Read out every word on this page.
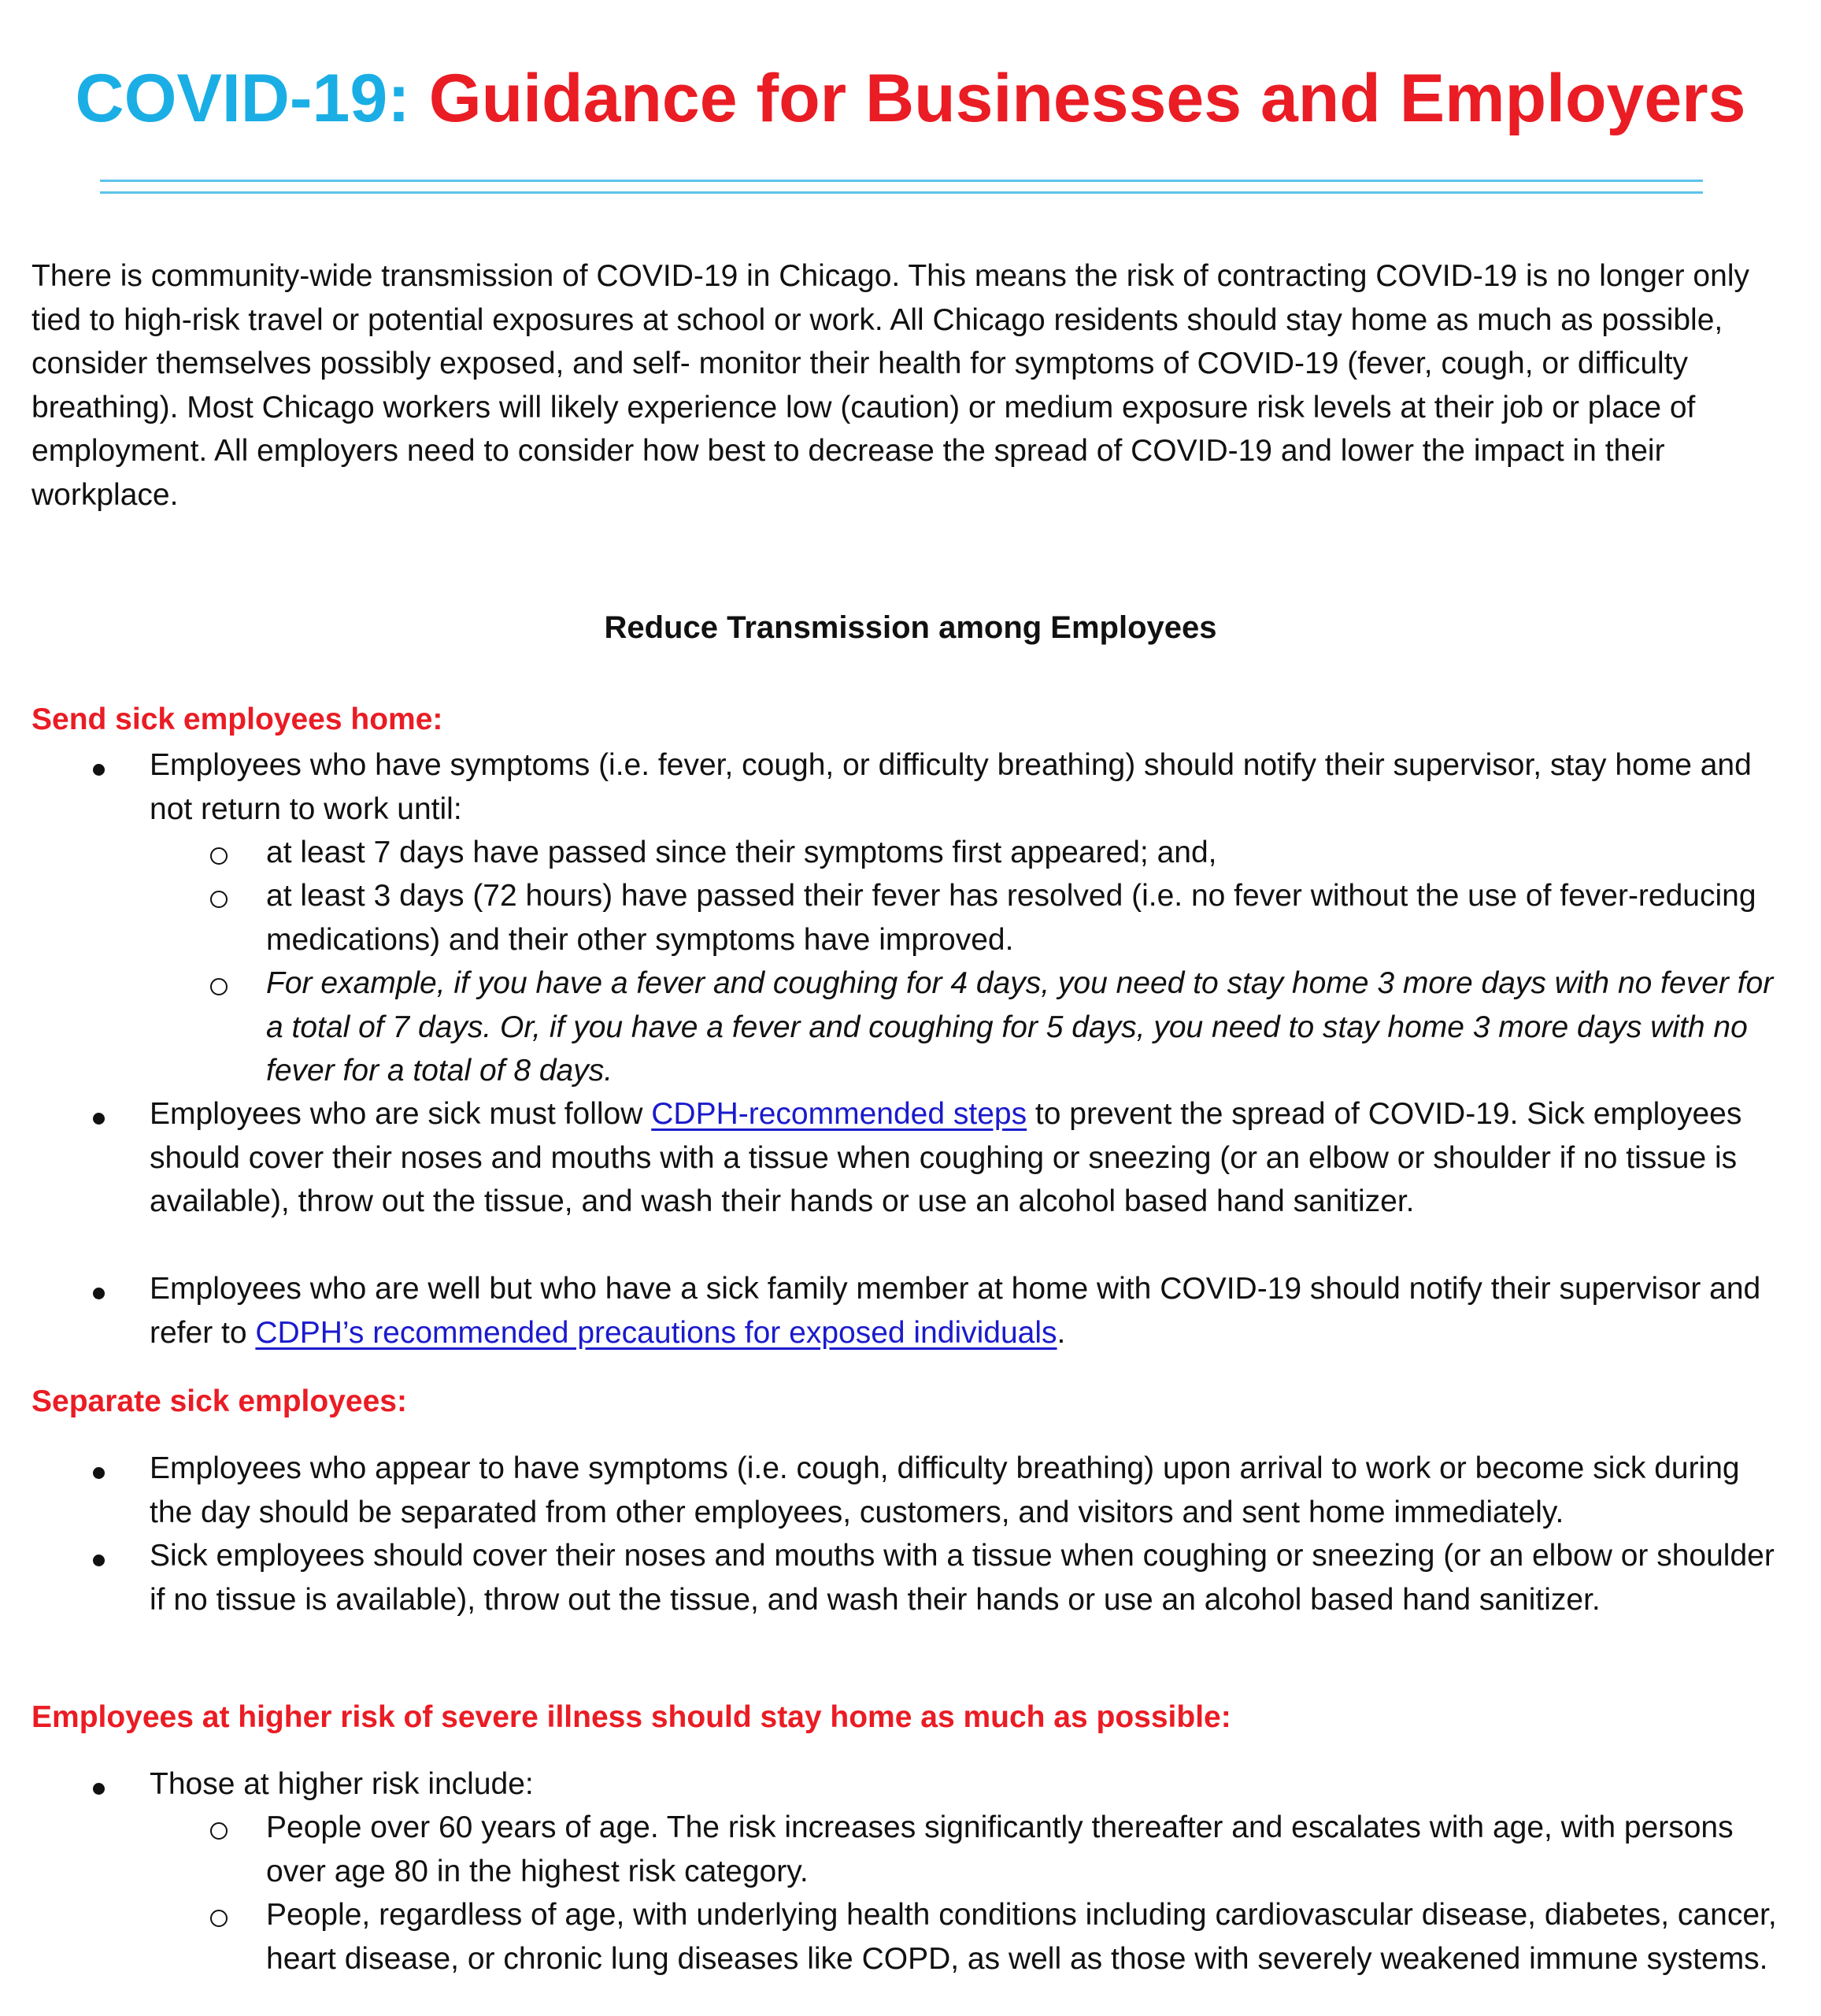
COVID-19: Guidance for Businesses and Employers

There is community-wide transmission of COVID-19 in Chicago. This means the risk of contracting COVID-19 is no longer only tied to high-risk travel or potential exposures at school or work. All Chicago residents should stay home as much as possible, consider themselves possibly exposed, and self- monitor their health for symptoms of COVID-19 (fever, cough, or difficulty breathing). Most Chicago workers will likely experience low (caution) or medium exposure risk levels at their job or place of employment. All employers need to consider how best to decrease the spread of COVID-19 and lower the impact in their workplace.

Reduce Transmission among Employees
Send sick employees home:

Employees who have symptoms (i.e. fever, cough, or difficulty breathing) should notify their supervisor, stay home and not return to work until:

at least 7 days have passed since their symptoms first appeared; and,

at least 3 days (72 hours) have passed their fever has resolved (i.e. no fever without the use of fever-reducing medications) and their other symptoms have improved.

For example, if you have a fever and coughing for 4 days, you need to stay home 3 more days with no fever for a total of 7 days. Or, if you have a fever and coughing for 5 days, you need to stay home 3 more days with no fever for a total of 8 days.

Employees who are sick must follow CDPH-recommended steps to prevent the spread of COVID-19. Sick employees should cover their noses and mouths with a tissue when coughing or sneezing (or an elbow or shoulder if no tissue is available), throw out the tissue, and wash their hands or use an alcohol based hand sanitizer.

Employees who are well but who have a sick family member at home with COVID-19 should notify their supervisor and refer to CDPH’s recommended precautions for exposed individuals.

Separate sick employees:

Employees who appear to have symptoms (i.e. cough, difficulty breathing) upon arrival to work or become sick during the day should be separated from other employees, customers, and visitors and sent home immediately.

Sick employees should cover their noses and mouths with a tissue when coughing or sneezing (or an elbow or shoulder if no tissue is available), throw out the tissue, and wash their hands or use an alcohol based hand sanitizer.

Employees at higher risk of severe illness should stay home as much as possible:

Those at higher risk include:

People over 60 years of age. The risk increases significantly thereafter and escalates with age, with persons over age 80 in the highest risk category.

People, regardless of age, with underlying health conditions including cardiovascular disease, diabetes, cancer, heart disease, or chronic lung diseases like COPD, as well as those with severely weakened immune systems.
